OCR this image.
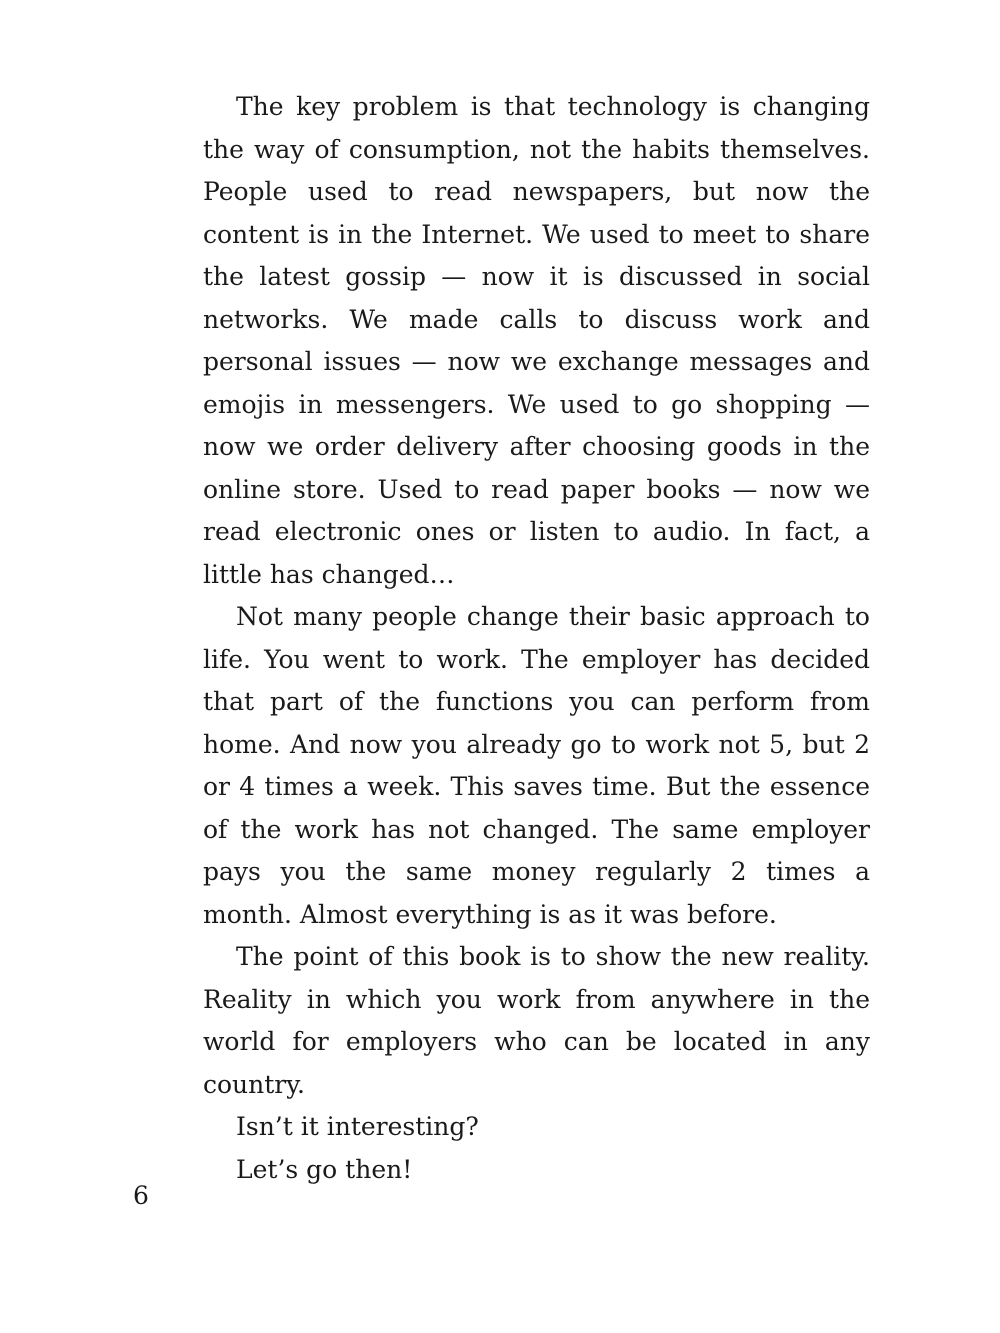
The key problem is that technology is changing the way of consumption, not the habits themselves. People used to read newspapers, but now the content is in the Internet. We used to meet to share the latest gossip — now it is discussed in social networks. We made calls to discuss work and personal issues — now we exchange messages and emojis in messengers. We used to go shopping — now we order delivery after choosing goods in the online store. Used to read paper books — now we read electronic ones or listen to audio. In fact, a little has changed…

Not many people change their basic approach to life. You went to work. The employer has decided that part of the functions you can perform from home. And now you already go to work not 5, but 2 or 4 times a week. This saves time. But the essence of the work has not changed. The same employer pays you the same money regularly 2 times a month. Almost everything is as it was before.

The point of this book is to show the new reality. Reality in which you work from anywhere in the world for employers who can be located in any country.

Isn’t it interesting?

Let’s go then!

6
